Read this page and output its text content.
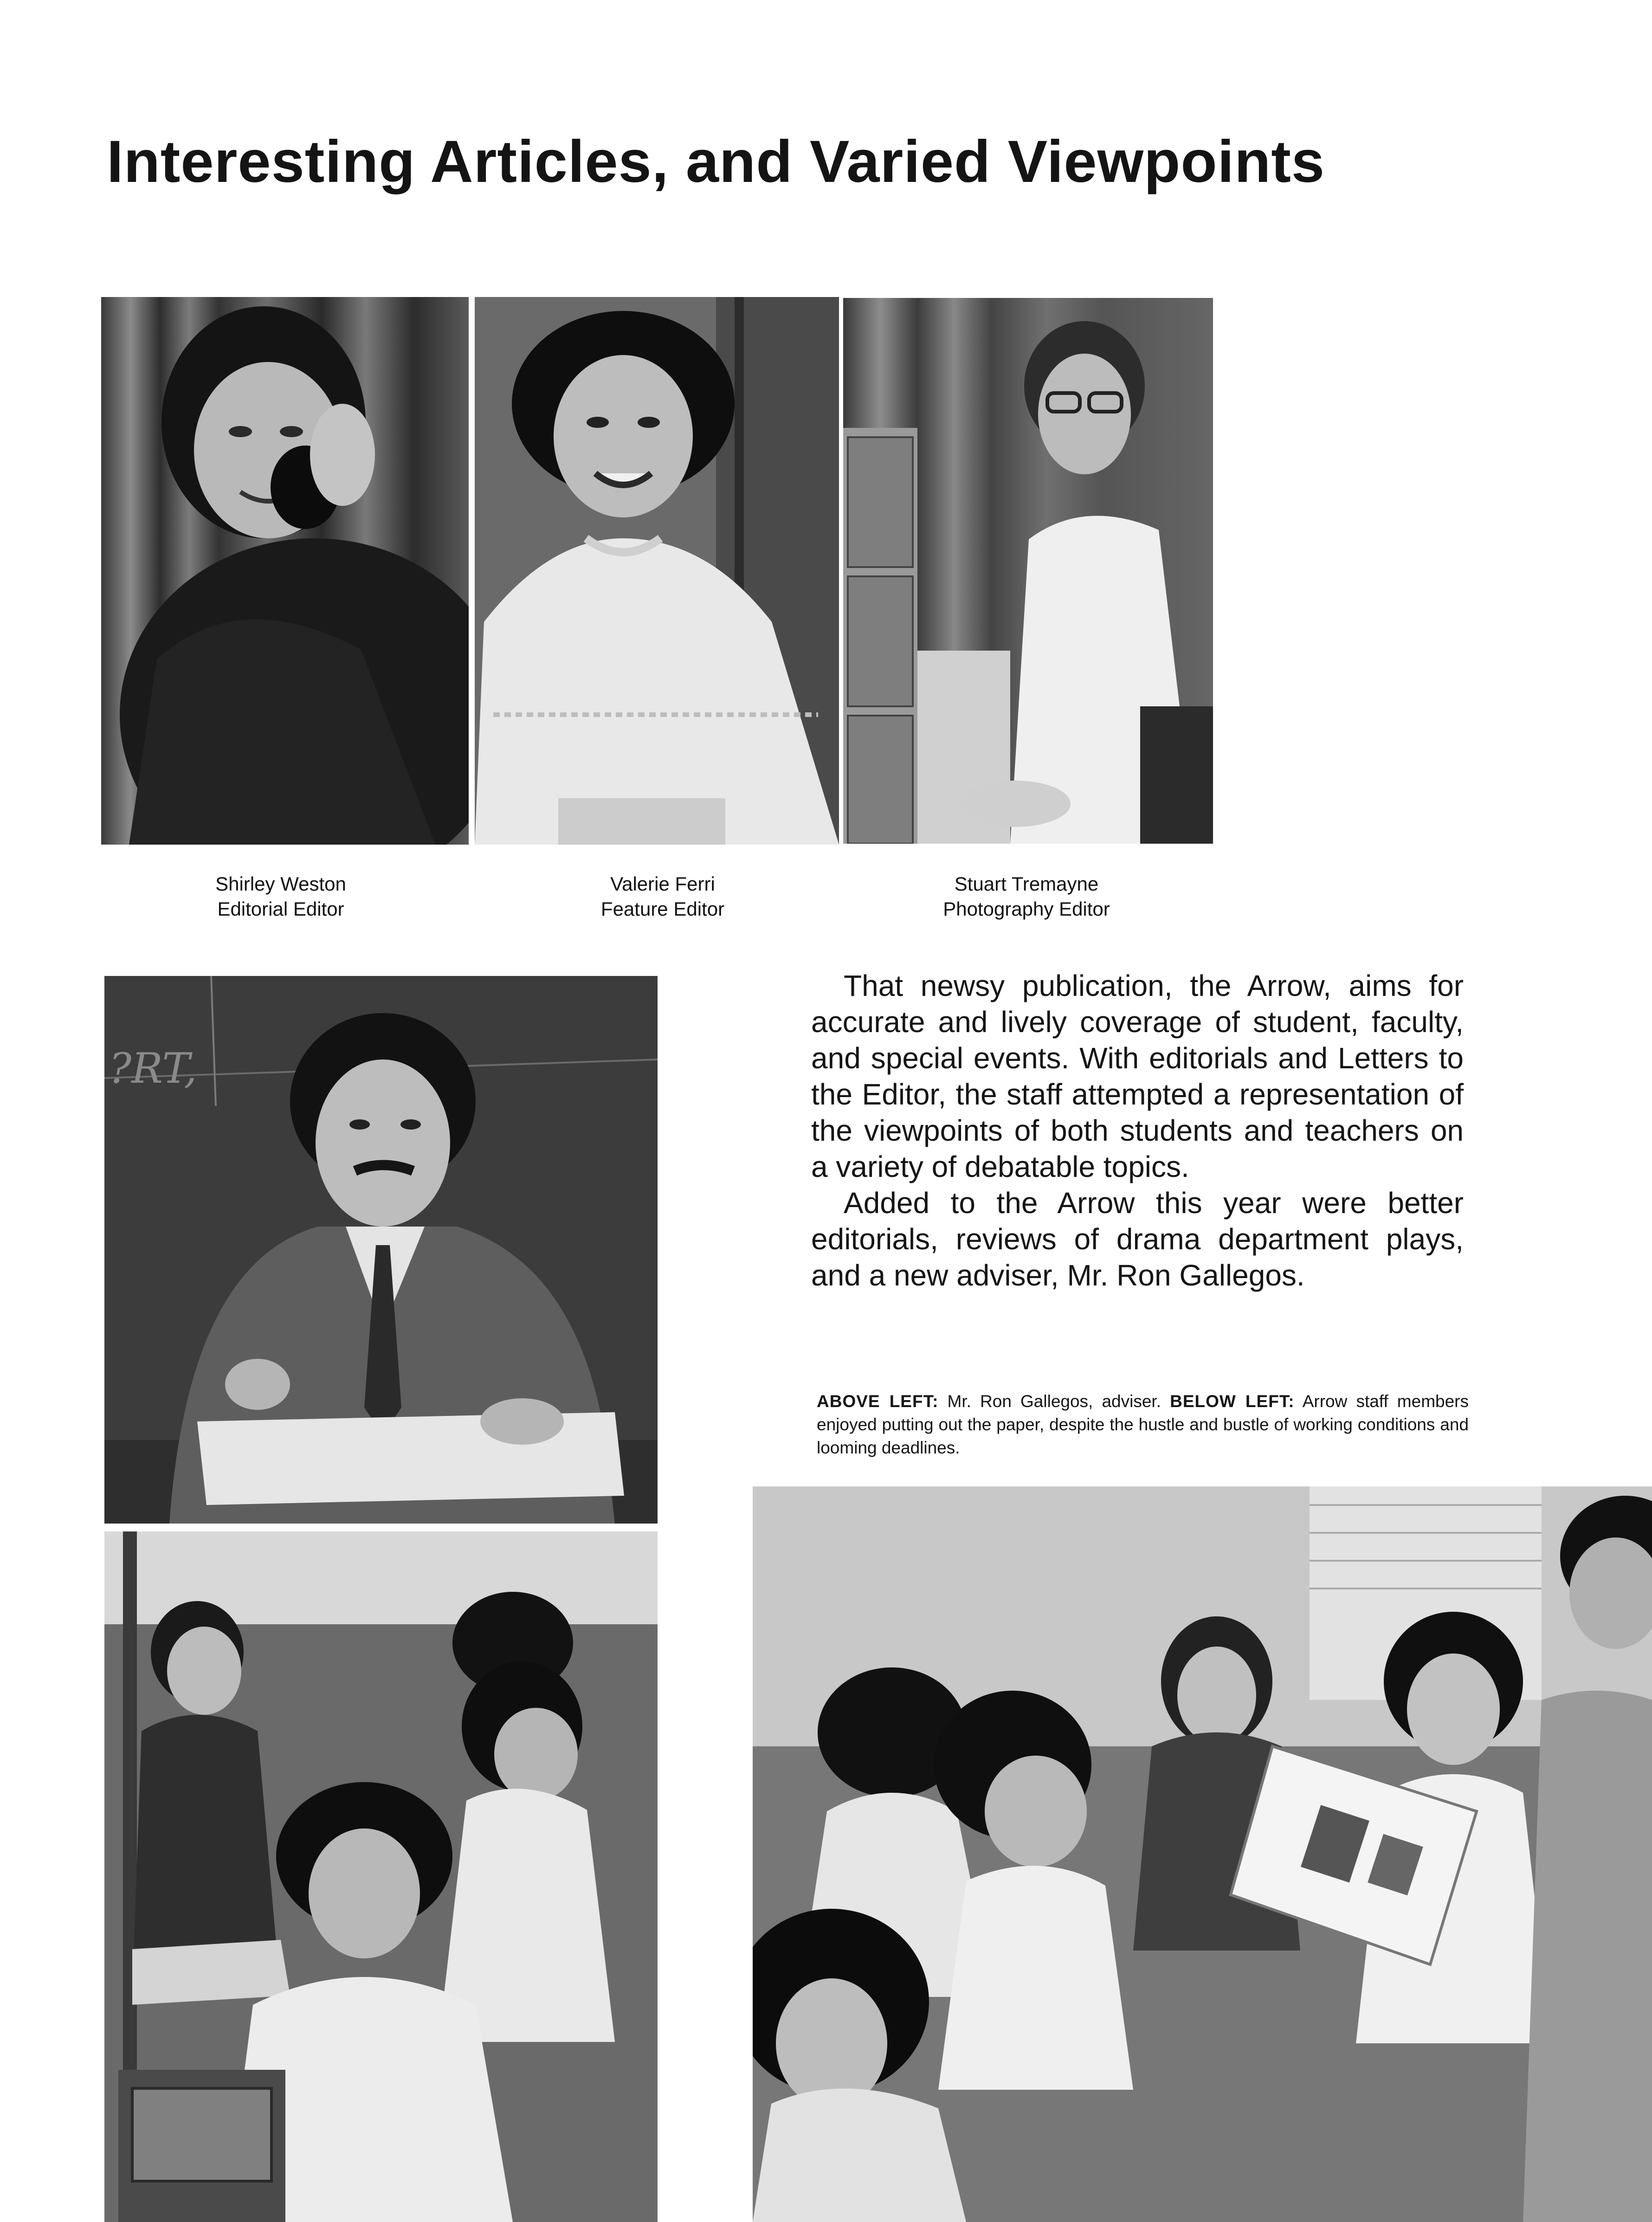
Interesting Articles, and Varied Viewpoints
Shirley Weston
Editorial Editor
Valerie Ferri
Feature Editor
Stuart Tremayne
Photography Editor
?RT,

That newsy publication, the Arrow, aims for accurate and lively coverage of student, faculty, and special events. With editorials and Letters to the Editor, the staff attempted a representation of the viewpoints of both students and teachers on a variety of debatable topics.

Added to the Arrow this year were better editorials, reviews of drama department plays, and a new adviser, Mr. Ron Gallegos.

ABOVE LEFT: Mr. Ron Gallegos, adviser. BELOW LEFT: Arrow staff members enjoyed putting out the paper, despite the hustle and bustle of working conditions and looming deadlines.
